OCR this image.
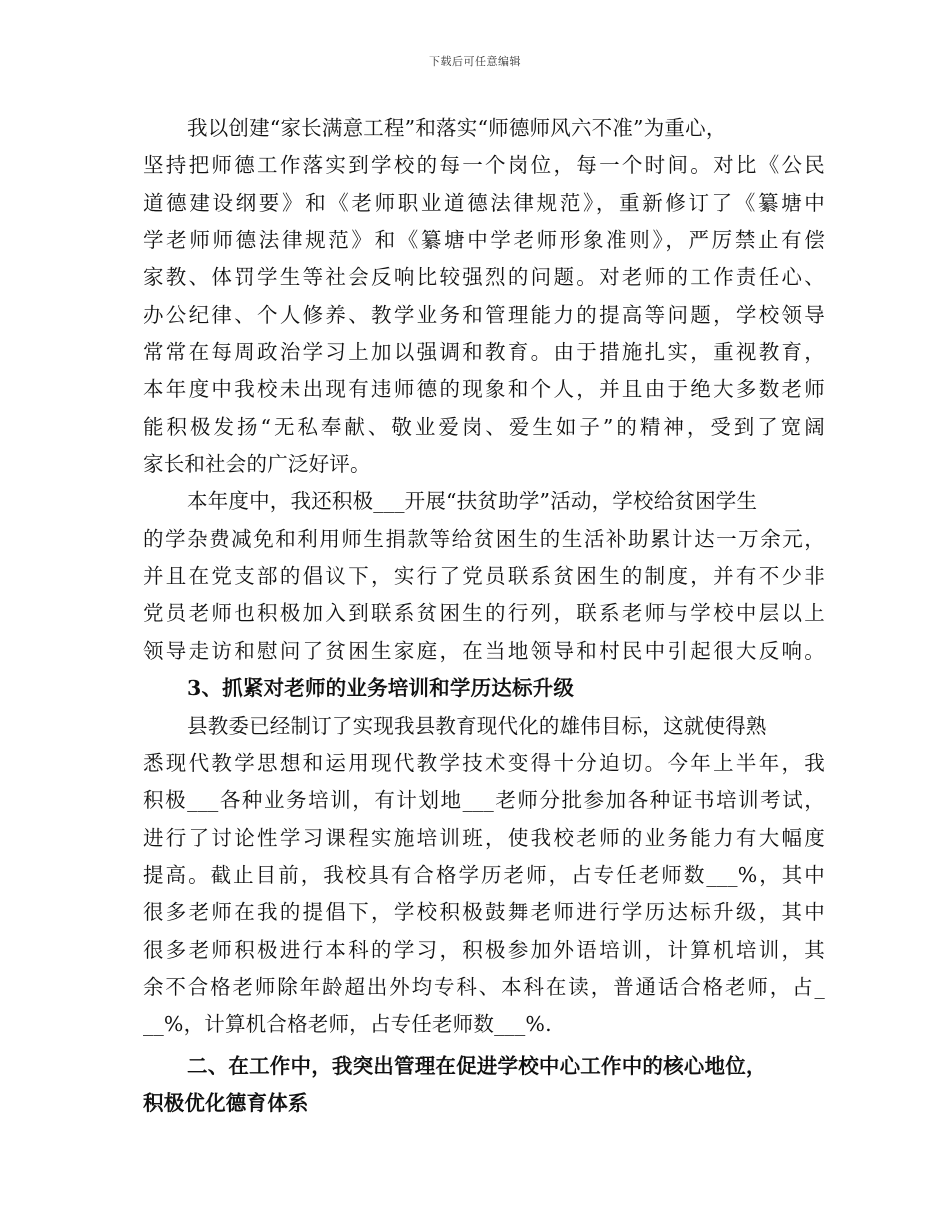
下载后可任意编辑
我以创建“家长满意工程”和落实“师德师风六不准”为重心，
坚持把师德工作落实到学校的每一个岗位，每一个时间。对比《公民
道德建设纲要》和《老师职业道德法律规范》，重新修订了《纂塘中
学老师师德法律规范》和《纂塘中学老师形象准则》，严厉禁止有偿
家教、体罚学生等社会反响比较强烈的问题。对老师的工作责任心、
办公纪律、个人修养、教学业务和管理能力的提高等问题，学校领导
常常在每周政治学习上加以强调和教育。由于措施扎实，重视教育，
本年度中我校未出现有违师德的现象和个人，并且由于绝大多数老师
能积极发扬“无私奉献、敬业爱岗、爱生如子”的精神，受到了宽阔
家长和社会的广泛好评。
本年度中，我还积极___开展“扶贫助学”活动，学校给贫困学生
的学杂费减免和利用师生捐款等给贫困生的生活补助累计达一万余元，
并且在党支部的倡议下，实行了党员联系贫困生的制度，并有不少非
党员老师也积极加入到联系贫困生的行列，联系老师与学校中层以上
领导走访和慰问了贫困生家庭，在当地领导和村民中引起很大反响。
3、抓紧对老师的业务培训和学历达标升级
县教委已经制订了实现我县教育现代化的雄伟目标，这就使得熟
悉现代教学思想和运用现代教学技术变得十分迫切。今年上半年，我
积极___各种业务培训，有计划地___老师分批参加各种证书培训考试，
进行了讨论性学习课程实施培训班，使我校老师的业务能力有大幅度
提高。截止目前，我校具有合格学历老师，占专任老师数___%，其中
很多老师在我的提倡下，学校积极鼓舞老师进行学历达标升级，其中
很多老师积极进行本科的学习，积极参加外语培训，计算机培训，其
余不合格老师除年龄超出外均专科、本科在读，普通话合格老师，占_
__%，计算机合格老师，占专任老师数___%.
二、在工作中，我突出管理在促进学校中心工作中的核心地位，
积极优化德育体系
